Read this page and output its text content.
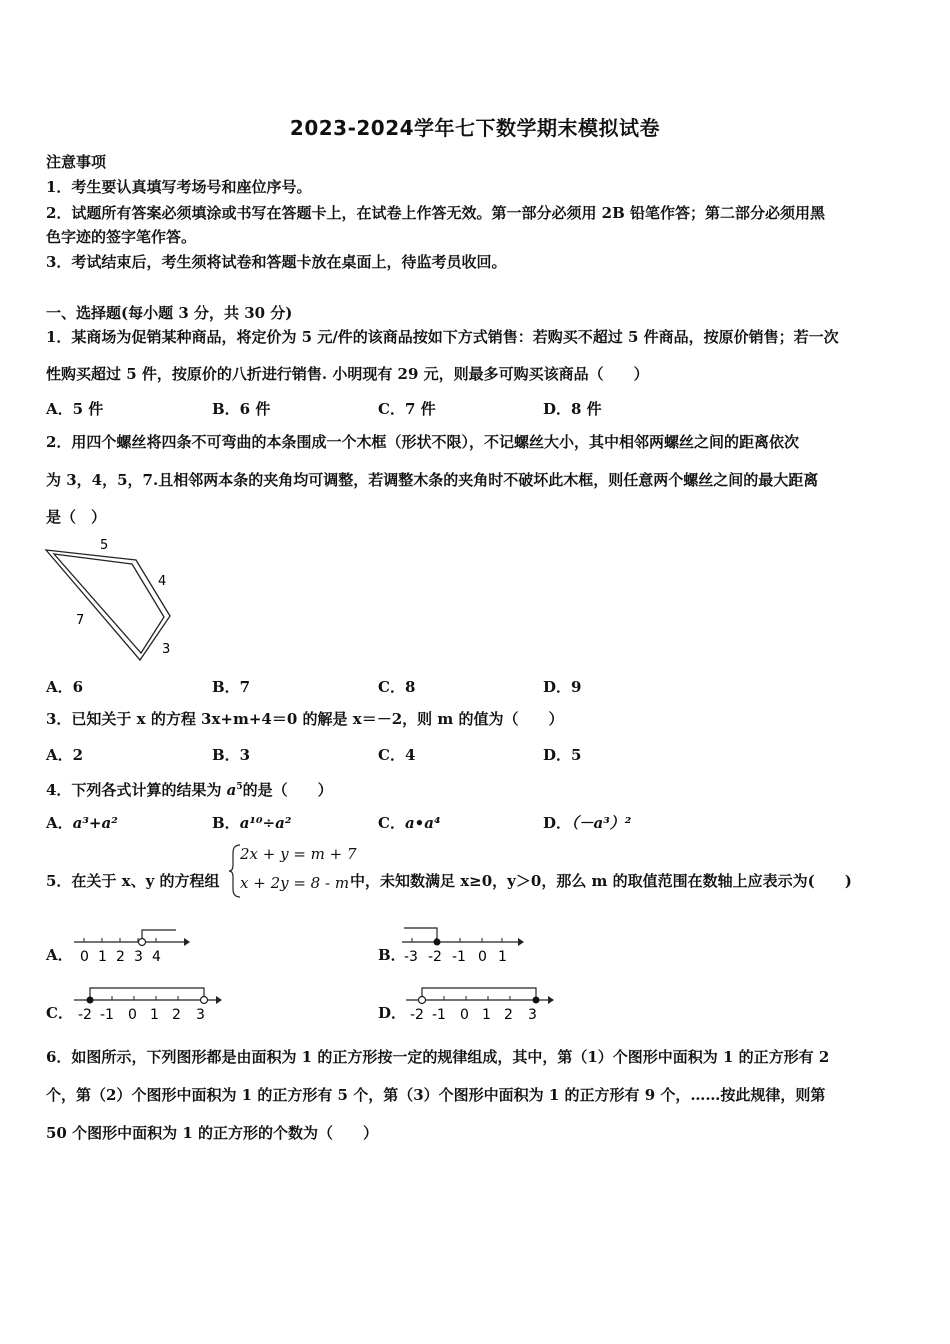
2023-2024学年七下数学期末模拟试卷
注意事项
1．考生要认真填写考场号和座位序号。
2．试题所有答案必须填涂或书写在答题卡上，在试卷上作答无效。第一部分必须用 2B 铅笔作答；第二部分必须用黑
色字迹的签字笔作答。
3．考试结束后，考生须将试卷和答题卡放在桌面上，待监考员收回。
一、选择题(每小题 3 分，共 30 分)
1．某商场为促销某种商品，将定价为 5 元/件的该商品按如下方式销售：若购买不超过 5 件商品，按原价销售；若一次
性购买超过 5 件，按原价的八折进行销售. 小明现有 29 元，则最多可购买该商品（　　）
A．5 件	B．6 件	C．7 件	D．8 件
2．用四个螺丝将四条不可弯曲的本条围成一个木框（形状不限），不记螺丝大小，其中相邻两螺丝之间的距离依次
为 3，4，5，7.且相邻两本条的夹角均可调整，若调整木条的夹角时不破坏此木框，则任意两个螺丝之间的最大距离
是（　）
5
4
7
3
A．6	B．7	C．8	D．9
3．已知关于 x 的方程 3x+m+4＝0 的解是 x＝－2，则 m 的值为（　　）
A．2	B．3	C．4	D．5
4．下列各式计算的结果为 $a^5$的是（　　）
A．a³+a²	B．a¹⁰÷a²	C．a•a⁴	D．（－a³）²
5．在关于 x、y 的方程组
2x + y = m + 7
x + 2y = 8 - m 中，未知数满足 x≥0，y＞0，那么 m 的取值范围在数轴上应表示为(　　)
A． 0 1 2 3 4	B．
-3 -2 -1 0 1
C． -2 -1 0 1 2 3	D． -2 -1 0 1 2 3
6．如图所示，下列图形都是由面积为 1 的正方形按一定的规律组成，其中，第（1）个图形中面积为 1 的正方形有 2
个，第（2）个图形中面积为 1 的正方形有 5 个，第（3）个图形中面积为 1 的正方形有 9 个，……按此规律，则第
50 个图形中面积为 1 的正方形的个数为（　　）
